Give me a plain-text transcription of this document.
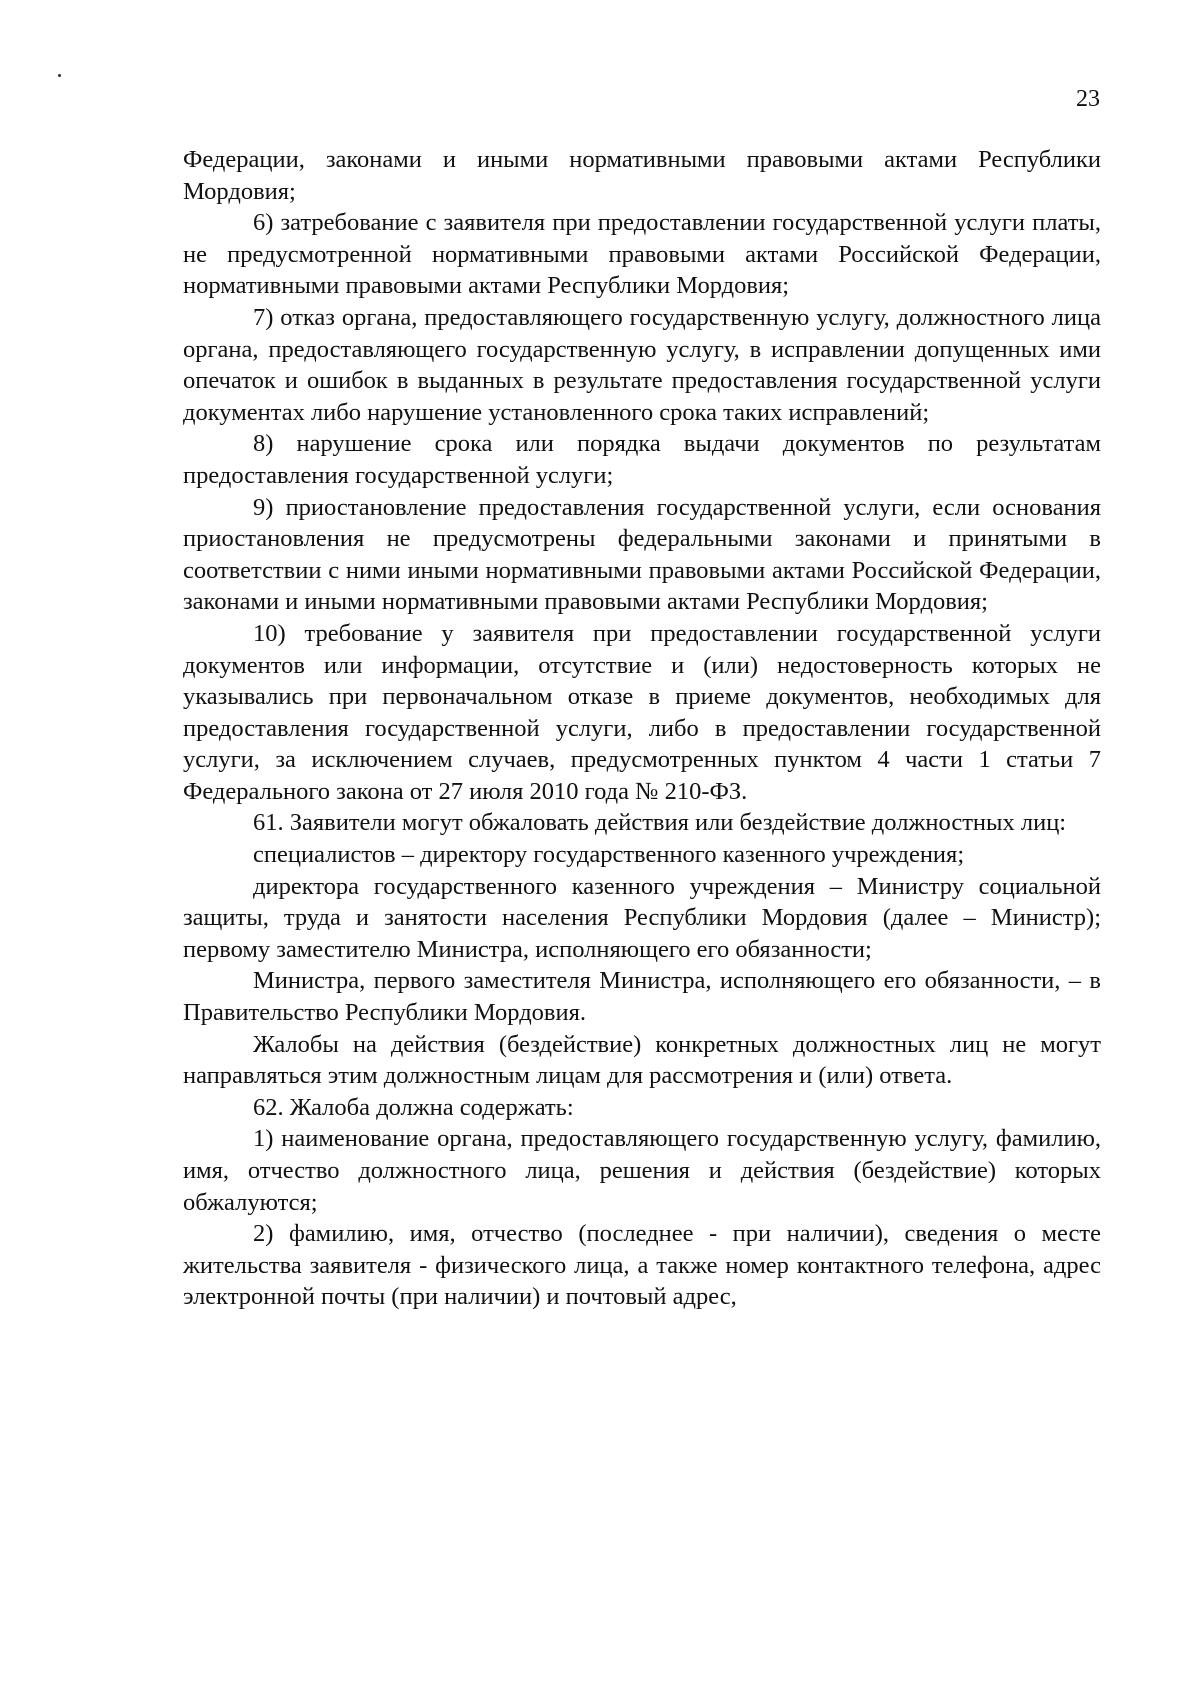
23

Федерации, законами и иными нормативными правовыми актами Республики Мордовия;

6) затребование с заявителя при предоставлении государственной услуги платы, не предусмотренной нормативными правовыми актами Российской Федерации, нормативными правовыми актами Республики Мордовия;

7) отказ органа, предоставляющего государственную услугу, должностного лица органа, предоставляющего государственную услугу, в исправлении допущенных ими опечаток и ошибок в выданных в результате предоставления государственной услуги документах либо нарушение установленного срока таких исправлений;

8) нарушение срока или порядка выдачи документов по результатам предоставления государственной услуги;

9) приостановление предоставления государственной услуги, если основания приостановления не предусмотрены федеральными законами и принятыми в соответствии с ними иными нормативными правовыми актами Российской Федерации, законами и иными нормативными правовыми актами Республики Мордовия;

10) требование у заявителя при предоставлении государственной услуги документов или информации, отсутствие и (или) недостоверность которых не указывались при первоначальном отказе в приеме документов, необходимых для предоставления государственной услуги, либо в предоставлении государственной услуги, за исключением случаев, предусмотренных пунктом 4 части 1 статьи 7 Федерального закона от 27 июля 2010 года № 210-ФЗ.

61. Заявители могут обжаловать действия или бездействие должностных лиц:

специалистов – директору государственного казенного учреждения;

директора государственного казенного учреждения – Министру социальной защиты, труда и занятости населения Республики Мордовия (далее – Министр); первому заместителю Министра, исполняющего его обязанности;

Министра, первого заместителя Министра, исполняющего его обязанности, – в Правительство Республики Мордовия.

Жалобы на действия (бездействие) конкретных должностных лиц не могут направляться этим должностным лицам для рассмотрения и (или) ответа.

62. Жалоба должна содержать:

1) наименование органа, предоставляющего государственную услугу, фамилию, имя, отчество должностного лица, решения и действия (бездействие) которых обжалуются;

2) фамилию, имя, отчество (последнее - при наличии), сведения о месте жительства заявителя - физического лица, а также номер контактного телефона, адрес электронной почты (при наличии) и почтовый адрес,
